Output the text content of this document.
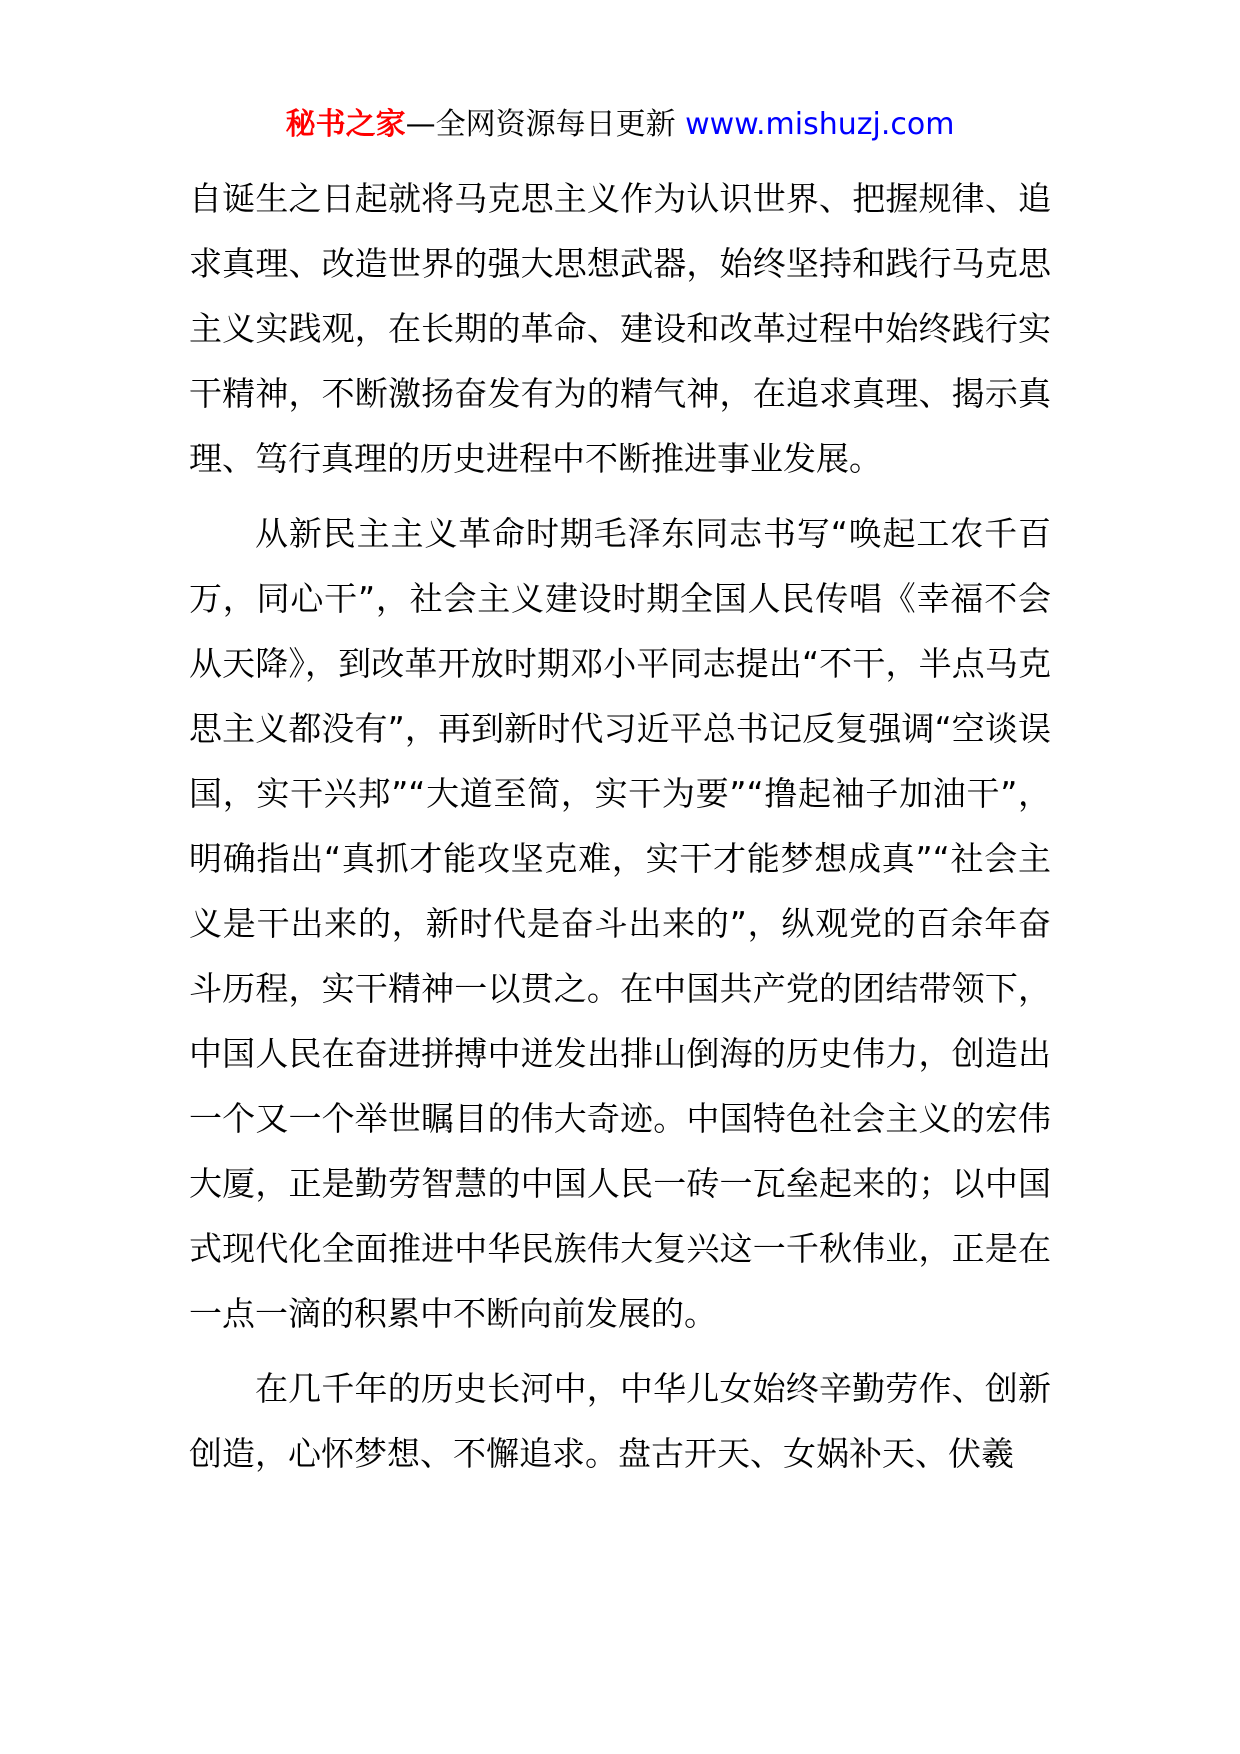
秘书之家—全网资源每日更新 www.mishuzj.com

自诞生之日起就将马克思主义作为认识世界、把握规律、追求真理、改造世界的强大思想武器，始终坚持和践行马克思主义实践观，在长期的革命、建设和改革过程中始终践行实干精神，不断激扬奋发有为的精气神，在追求真理、揭示真理、笃行真理的历史进程中不断推进事业发展。

从新民主主义革命时期毛泽东同志书写“唤起工农千百万，同心干”，社会主义建设时期全国人民传唱《幸福不会从天降》，到改革开放时期邓小平同志提出“不干，半点马克思主义都没有”，再到新时代习近平总书记反复强调“空谈误国，实干兴邦”“大道至简，实干为要”“撸起袖子加油干”，明确指出“真抓才能攻坚克难，实干才能梦想成真”“社会主义是干出来的，新时代是奋斗出来的”，纵观党的百余年奋斗历程，实干精神一以贯之。在中国共产党的团结带领下，中国人民在奋进拼搏中迸发出排山倒海的历史伟力，创造出一个又一个举世瞩目的伟大奇迹。中国特色社会主义的宏伟大厦，正是勤劳智慧的中国人民一砖一瓦垒起来的；以中国式现代化全面推进中华民族伟大复兴这一千秋伟业，正是在一点一滴的积累中不断向前发展的。

在几千年的历史长河中，中华儿女始终辛勤劳作、创新创造，心怀梦想、不懈追求。盘古开天、女娲补天、伏羲
